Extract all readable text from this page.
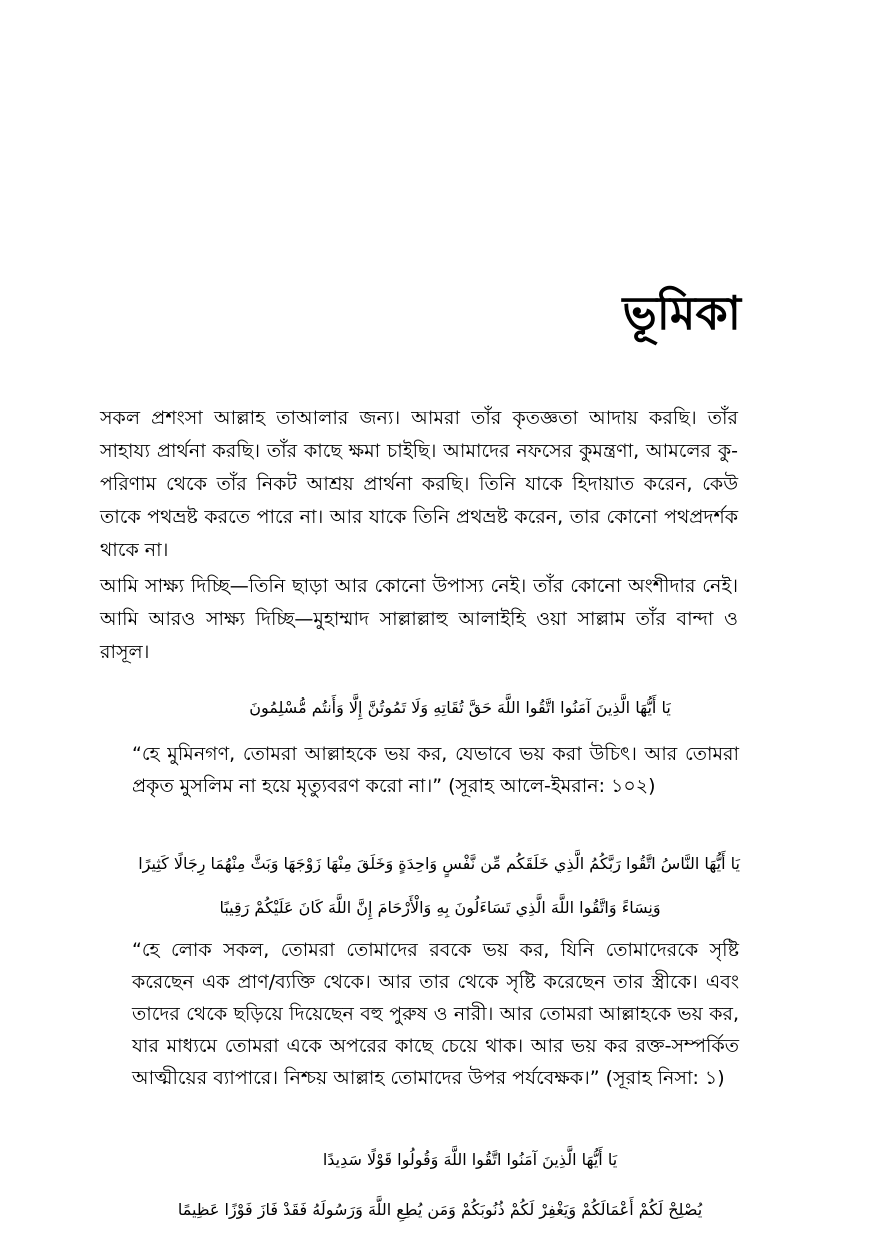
ভূমিকা

সকল প্রশংসা আল্লাহ তাআলার জন্য। আমরা তাঁর কৃতজ্ঞতা আদায় করছি। তাঁর সাহায্য প্রার্থনা করছি। তাঁর কাছে ক্ষমা চাইছি। আমাদের নফসের কুমন্ত্রণা, আমলের কু-পরিণাম থেকে তাঁর নিকট আশ্রয় প্রার্থনা করছি। তিনি যাকে হিদায়াত করেন, কেউ তাকে পথভ্রষ্ট করতে পারে না। আর যাকে তিনি প্রথভ্রষ্ট করেন, তার কোনো পথপ্রদর্শক থাকে না।

আমি সাক্ষ্য দিচ্ছি—তিনি ছাড়া আর কোনো উপাস্য নেই। তাঁর কোনো অংশীদার নেই। আমি আরও সাক্ষ্য দিচ্ছি—মুহাম্মাদ সাল্লাল্লাহু আলাইহি ওয়া সাল্লাম তাঁর বান্দা ও রাসূল।

يَا أَيُّهَا الَّذِينَ آمَنُوا اتَّقُوا اللَّهَ حَقَّ تُقَاتِهِ وَلَا تَمُوتُنَّ إِلَّا وَأَنتُم مُّسْلِمُونَ

“হে মুমিনগণ, তোমরা আল্লাহকে ভয় কর, যেভাবে ভয় করা উচিৎ। আর তোমরা প্রকৃত মুসলিম না হয়ে মৃত্যুবরণ করো না।” (সূরাহ আলে-ইমরান: ১০২)

يَا أَيُّهَا النَّاسُ اتَّقُوا رَبَّكُمُ الَّذِي خَلَقَكُم مِّن نَّفْسٍ وَاحِدَةٍ وَخَلَقَ مِنْهَا زَوْجَهَا وَبَثَّ مِنْهُمَا رِجَالًا كَثِيرًا

وَنِسَاءً وَاتَّقُوا اللَّهَ الَّذِي تَسَاءَلُونَ بِهِ وَالْأَرْحَامَ إِنَّ اللَّهَ كَانَ عَلَيْكُمْ رَقِيبًا

“হে লোক সকল, তোমরা তোমাদের রবকে ভয় কর, যিনি তোমাদেরকে সৃষ্টি করেছেন এক প্রাণ/ব্যক্তি থেকে। আর তার থেকে সৃষ্টি করেছেন তার স্ত্রীকে। এবং তাদের থেকে ছড়িয়ে দিয়েছেন বহু পুরুষ ও নারী। আর তোমরা আল্লাহকে ভয় কর, যার মাধ্যমে তোমরা একে অপরের কাছে চেয়ে থাক। আর ভয় কর রক্ত-সম্পর্কিত আত্মীয়ের ব্যাপারে। নিশ্চয় আল্লাহ তোমাদের উপর পর্যবেক্ষক।” (সূরাহ নিসা: ১)

يَا أَيُّهَا الَّذِينَ آمَنُوا اتَّقُوا اللَّهَ وَقُولُوا قَوْلًا سَدِيدًا

يُصْلِحْ لَكُمْ أَعْمَالَكُمْ وَيَغْفِرْ لَكُمْ ذُنُوبَكُمْ وَمَن يُطِعِ اللَّهَ وَرَسُولَهُ فَقَدْ فَازَ فَوْزًا عَظِيمًا
